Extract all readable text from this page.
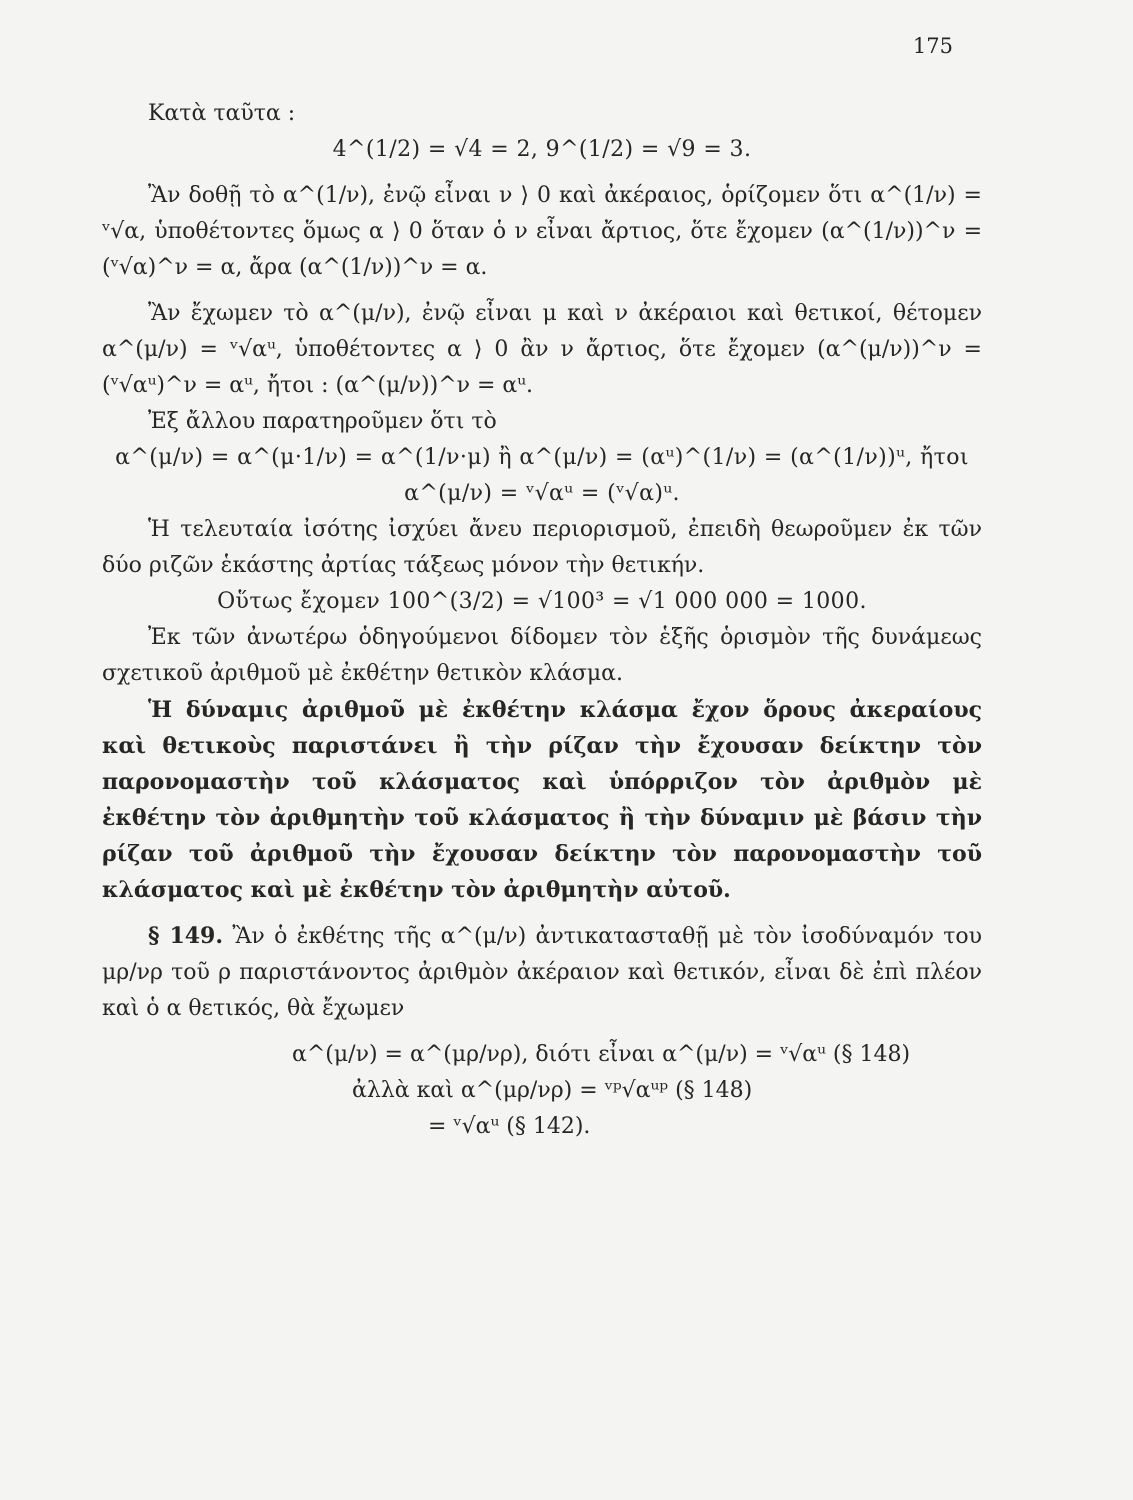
175

Κατὰ ταῦτα :

4^(1/2) = √4 = 2, 9^(1/2) = √9 = 3.

Ἂν δοθῇ τὸ α^(1/ν), ἐνῷ εἶναι ν ⟩ 0 καὶ ἀκέραιος, ὁρίζομεν ὅτι α^(1/ν) = ᵛ√α, ὑποθέτοντες ὅμως α ⟩ 0 ὅταν ὁ ν εἶναι ἄρτιος, ὅτε ἔχομεν (α^(1/ν))^ν = (ᵛ√α)^ν = α, ἄρα (α^(1/ν))^ν = α.

Ἂν ἔχωμεν τὸ α^(μ/ν), ἐνῷ εἶναι μ καὶ ν ἀκέραιοι καὶ θετικοί, θέτομεν α^(μ/ν) = ᵛ√αᵘ, ὑποθέτοντες α ⟩ 0 ἂν ν ἄρτιος, ὅτε ἔχομεν (α^(μ/ν))^ν = (ᵛ√αᵘ)^ν = αᵘ, ἤτοι : (α^(μ/ν))^ν = αᵘ.

Ἐξ ἄλλου παρατηροῦμεν ὅτι τὸ

α^(μ/ν) = α^(μ·1/ν) = α^(1/ν·μ) ἢ α^(μ/ν) = (αᵘ)^(1/ν) = (α^(1/ν))ᵘ, ἤτοι α^(μ/ν) = ᵛ√αᵘ = (ᵛ√α)ᵘ.

Ἡ τελευταία ἰσότης ἰσχύει ἄνευ περιορισμοῦ, ἐπειδὴ θεωροῦμεν ἐκ τῶν δύο ριζῶν ἑκάστης ἀρτίας τάξεως μόνον τὴν θετικήν.

Οὕτως ἔχομεν 100^(3/2) = √100³ = √1 000 000 = 1000.

Ἐκ τῶν ἀνωτέρω ὁδηγούμενοι δίδομεν τὸν ἑξῆς ὁρισμὸν τῆς δυνάμεως σχετικοῦ ἀριθμοῦ μὲ ἐκθέτην θετικὸν κλάσμα.

Ἡ δύναμις ἀριθμοῦ μὲ ἐκθέτην κλάσμα ἔχον ὅρους ἀκεραίους καὶ θετικοὺς παριστάνει ἢ τὴν ρίζαν τὴν ἔχουσαν δείκτην τὸν παρονομαστὴν τοῦ κλάσματος καὶ ὑπόρριζον τὸν ἀριθμὸν μὲ ἐκθέτην τὸν ἀριθμητὴν τοῦ κλάσματος ἢ τὴν δύναμιν μὲ βάσιν τὴν ρίζαν τοῦ ἀριθμοῦ τὴν ἔχουσαν δείκτην τὸν παρονομαστὴν τοῦ κλάσματος καὶ μὲ ἐκθέτην τὸν ἀριθμητὴν αὐτοῦ.

§ 149. Ἂν ὁ ἐκθέτης τῆς α^(μ/ν) ἀντικατασταθῇ μὲ τὸν ἰσοδύναμόν του μρ/νρ τοῦ ρ παριστάνοντος ἀριθμὸν ἀκέραιον καὶ θετικόν, εἶναι δὲ ἐπὶ πλέον καὶ ὁ α θετικός, θὰ ἔχωμεν

α^(μ/ν) = α^(μρ/νρ), διότι εἶναι α^(μ/ν) = ᵛ√αᵘ (§ 148)

ἀλλὰ καὶ α^(μρ/νρ) = ᵛᵖ√αᵘᵖ (§ 148)

= ᵛ√αᵘ (§ 142).
